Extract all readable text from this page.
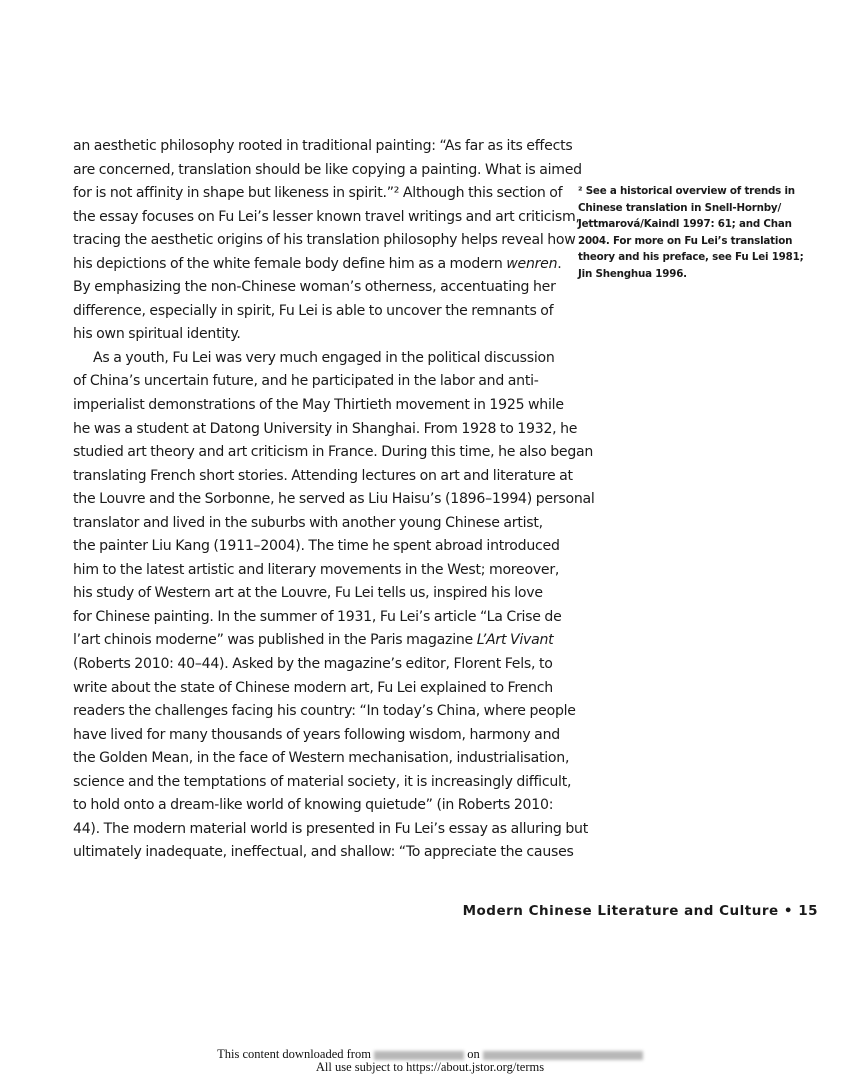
an aesthetic philosophy rooted in traditional painting: “As far as its effects
are concerned, translation should be like copying a painting. What is aimed
for is not affinity in shape but likeness in spirit.”² Although this section of
the essay focuses on Fu Lei’s lesser known travel writings and art criticism,
tracing the aesthetic origins of his translation philosophy helps reveal how
his depictions of the white female body define him as a modern wenren.
By emphasizing the non-Chinese woman’s otherness, accentuating her
difference, especially in spirit, Fu Lei is able to uncover the remnants of
his own spiritual identity.
As a youth, Fu Lei was very much engaged in the political discussion
of China’s uncertain future, and he participated in the labor and anti-
imperialist demonstrations of the May Thirtieth movement in 1925 while
he was a student at Datong University in Shanghai. From 1928 to 1932, he
studied art theory and art criticism in France. During this time, he also began
translating French short stories. Attending lectures on art and literature at
the Louvre and the Sorbonne, he served as Liu Haisu’s (1896–1994) personal
translator and lived in the suburbs with another young Chinese artist,
the painter Liu Kang (1911–2004). The time he spent abroad introduced
him to the latest artistic and literary movements in the West; moreover,
his study of Western art at the Louvre, Fu Lei tells us, inspired his love
for Chinese painting. In the summer of 1931, Fu Lei’s article “La Crise de
l’art chinois moderne” was published in the Paris magazine L’Art Vivant
(Roberts 2010: 40–44). Asked by the magazine’s editor, Florent Fels, to
write about the state of Chinese modern art, Fu Lei explained to French
readers the challenges facing his country: “In today’s China, where people
have lived for many thousands of years following wisdom, harmony and
the Golden Mean, in the face of Western mechanisation, industrialisation,
science and the temptations of material society, it is increasingly difficult,
to hold onto a dream-like world of knowing quietude” (in Roberts 2010:
44). The modern material world is presented in Fu Lei’s essay as alluring but
ultimately inadequate, ineffectual, and shallow: “To appreciate the causes
² See a historical overview of trends in
Chinese translation in Snell-Hornby/
Jettmarová/Kaindl 1997: 61; and Chan
2004. For more on Fu Lei’s translation
theory and his preface, see Fu Lei 1981;
Jin Shenghua 1996.
Modern Chinese Literature and Culture • 15
This content downloaded from	on
All use subject to https://about.jstor.org/terms
